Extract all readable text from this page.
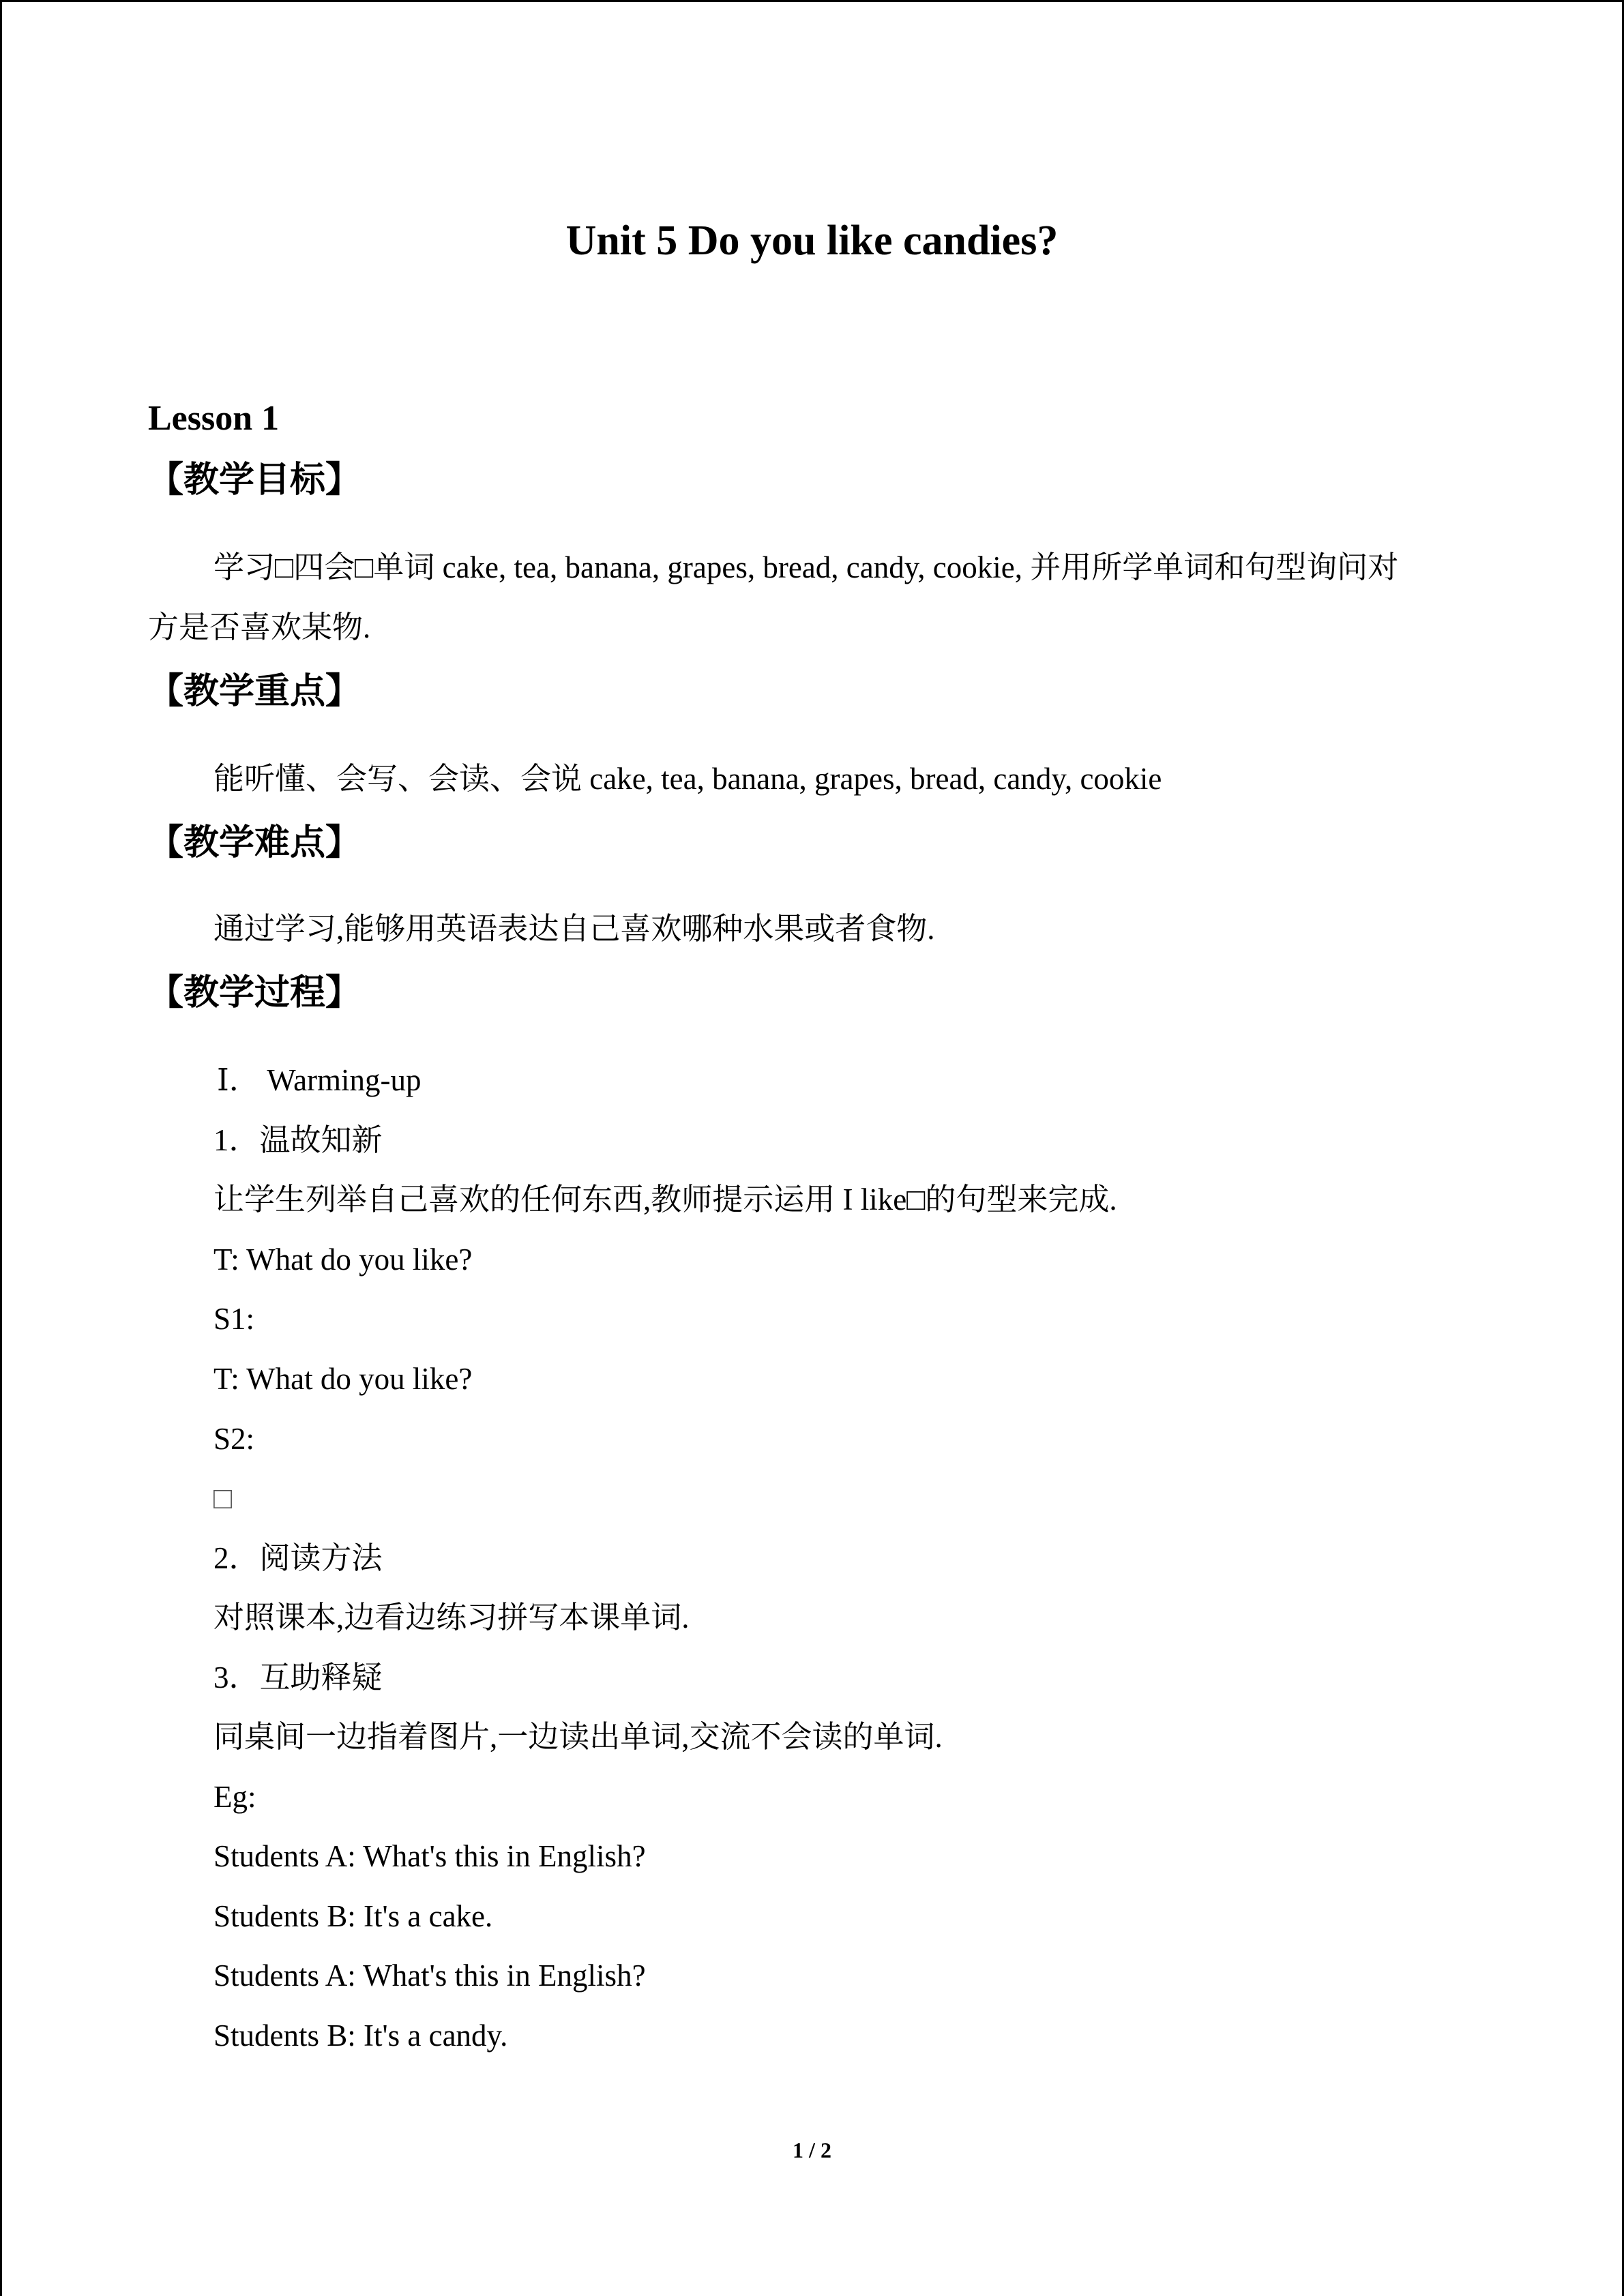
Unit 5 Do you like candies?
Lesson 1
【教学目标】
学习□四会□单词 cake, tea, banana, grapes, bread, candy, cookie, 并用所学单词和句型询问对
方是否喜欢某物.
【教学重点】
能听懂、会写、会读、会说 cake, tea, banana, grapes, bread, candy, cookie
【教学难点】
通过学习,能够用英语表达自己喜欢哪种水果或者食物.
【教学过程】
Ⅰ． Warming-up
1．温故知新
让学生列举自己喜欢的任何东西,教师提示运用 I like□的句型来完成.
T: What do you like?
S1:
T: What do you like?
S2:
□
2．阅读方法
对照课本,边看边练习拼写本课单词.
3．互助释疑
同桌间一边指着图片,一边读出单词,交流不会读的单词.
Eg:
Students A: What's this in English?
Students B: It's a cake.
Students A: What's this in English?
Students B: It's a candy.
1 / 2
